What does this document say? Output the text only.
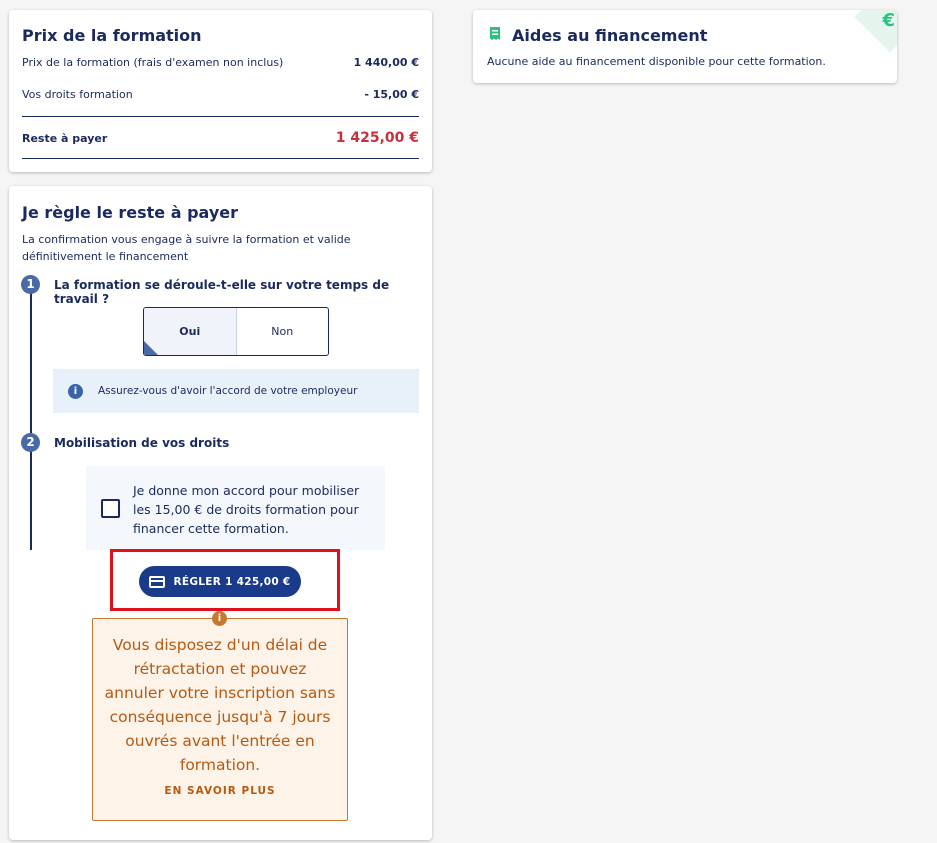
Prix de la formation
Prix de la formation (frais d'examen non inclus)	1 440,00 €
Vos droits formation	- 15,00 €
Reste à payer	1 425,00 €
€
Aides au financement
Aucune aide au financement disponible pour cette formation.
Je règle le reste à payer
La confirmation vous engage à suivre la formation et valide définitivement le financement
1	La formation se déroule-t-elle sur votre temps de travail ?
Oui	Non
i	Assurez-vous d'avoir l'accord de votre employeur
2	Mobilisation de vos droits
Je donne mon accord pour mobiliser les 15,00 € de droits formation pour financer cette formation.
RÉGLER 1 425,00 €
Vous disposez d'un délai de rétractation et pouvez annuler votre inscription sans conséquence jusqu'à 7 jours ouvrés avant l'entrée en formation.
EN SAVOIR PLUS
i
